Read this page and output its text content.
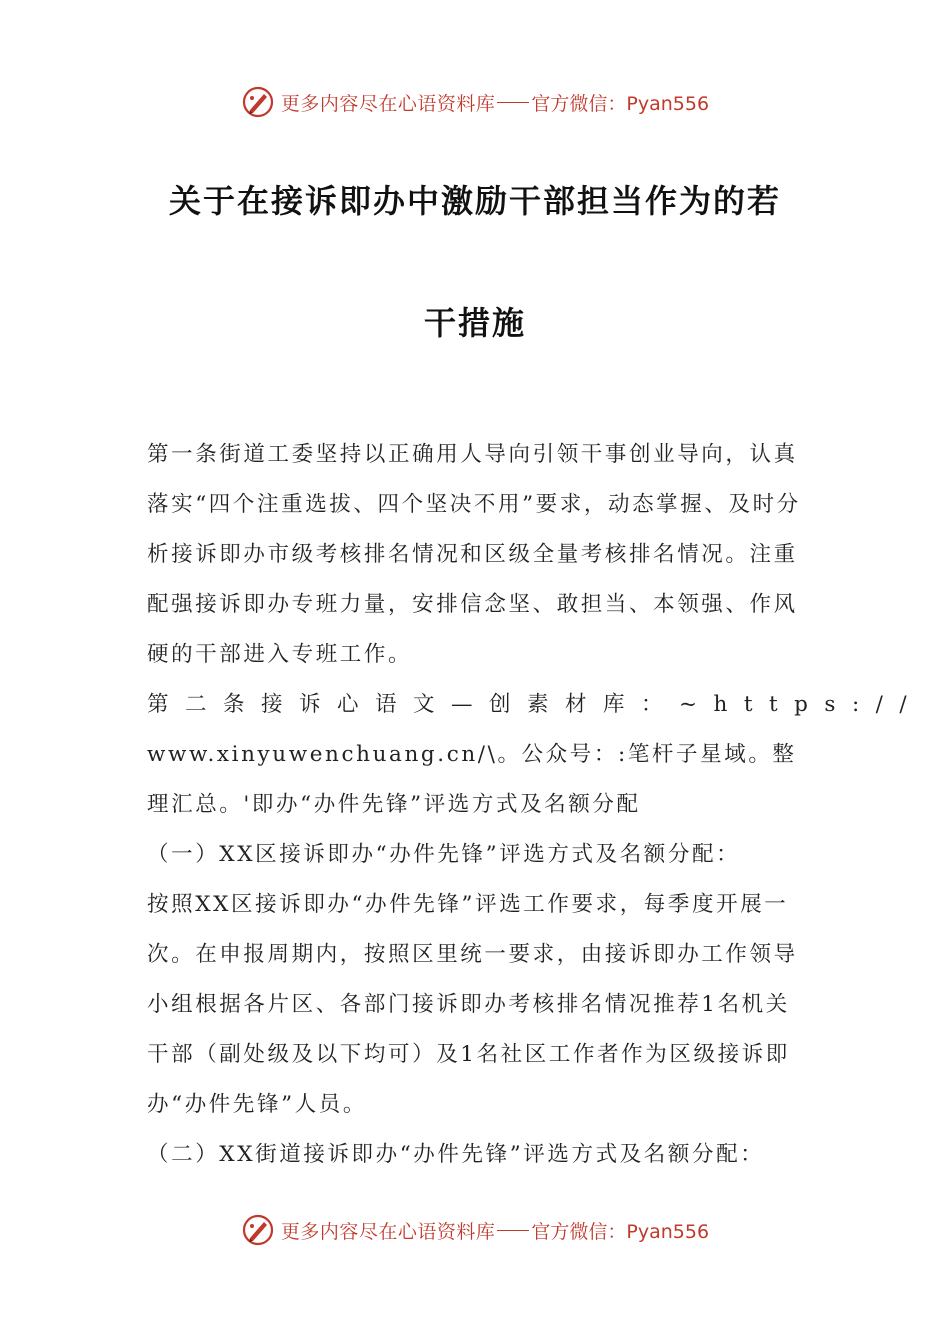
更多内容尽在心语资料库 官方微信：Pyan556
关于在接诉即办中激励干部担当作为的若
干措施

第一条街道工委坚持以正确用人导向引领干事创业导向，认真落实“四个注重选拔、四个坚决不用”要求，动态掌握、及时分析接诉即办市级考核排名情况和区级全量考核排名情况。注重配强接诉即办专班力量，安排信念坚、敢担当、本领强、作风硬的干部进入专班工作。

第二条接诉心语文—创素材库：~https://

www.xinyuwenchuang.cn/\。公众号：:笔杆子星域。整理汇总。'即办“办件先锋”评选方式及名额分配

（一）XX区接诉即办“办件先锋”评选方式及名额分配：

按照XX区接诉即办“办件先锋”评选工作要求，每季度开展一次。在申报周期内，按照区里统一要求，由接诉即办工作领导小组根据各片区、各部门接诉即办考核排名情况推荐1名机关干部（副处级及以下均可）及1名社区工作者作为区级接诉即办“办件先锋”人员。

（二）XX街道接诉即办“办件先锋”评选方式及名额分配：

更多内容尽在心语资料库 官方微信：Pyan556
